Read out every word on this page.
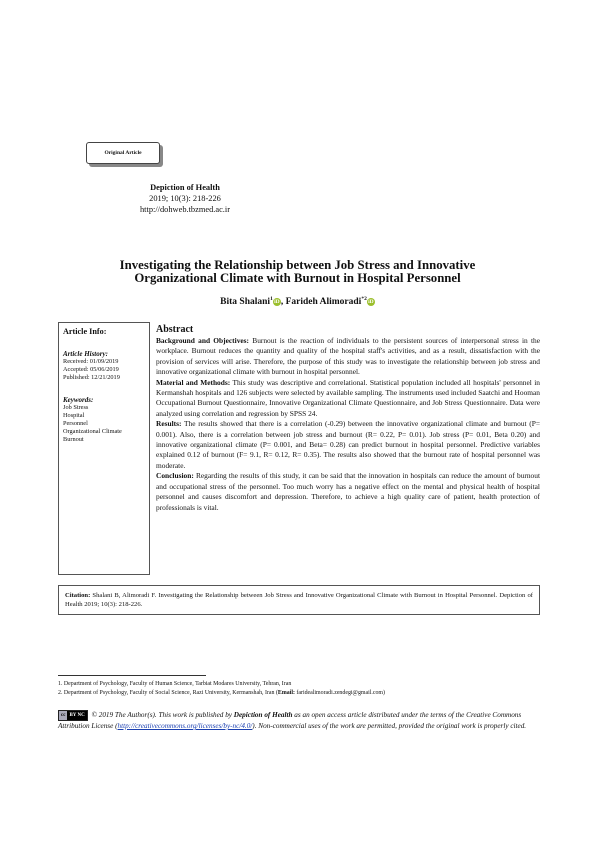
Original Article
Depiction of Health
2019; 10(3): 218-226
http://dohweb.tbzmed.ac.ir
Investigating the Relationship between Job Stress and Innovative
Organizational Climate with Burnout in Hospital Personnel
Bita Shalani$^1$iD, Farideh Alimoradi$^{*2}$iD
Article Info:
Article History:
Received: 01/09/2019
Accepted: 05/06/2019
Published: 12/21/2019
Keywords:
Job Stress
Hospital
Personnel
Organizational Climate
Burnout
Abstract

Background and Objectives: Burnout is the reaction of individuals to the persistent sources of interpersonal stress in the workplace. Burnout reduces the quantity and quality of the hospital staff's activities, and as a result, dissatisfaction with the provision of services will arise. Therefore, the purpose of this study was to investigate the relationship between job stress and innovative organizational climate with burnout in hospital personnel.

Material and Methods: This study was descriptive and correlational. Statistical population included all hospitals' personnel in Kermanshah hospitals and 126 subjects were selected by available sampling. The instruments used included Saatchi and Hooman Occupational Burnout Questionnaire, Innovative Organizational Climate Questionnaire, and Job Stress Questionnaire. Data were analyzed using correlation and regression by SPSS 24.

Results: The results showed that there is a correlation (-0.29) between the innovative organizational climate and burnout (P= 0.001). Also, there is a correlation between job stress and burnout (R= 0.22, P= 0.01). Job stress (P= 0.01, Beta 0.20) and innovative organizational climate (P= 0.001, and Beta= 0.28) can predict burnout in hospital personnel. Predictive variables explained 0.12 of burnout (F= 9.1, R= 0.12, R= 0.35). The results also showed that the burnout rate of hospital personnel was moderate.

Conclusion: Regarding the results of this study, it can be said that the innovation in hospitals can reduce the amount of burnout and occupational stress of the personnel. Too much worry has a negative effect on the mental and physical health of hospital personnel and causes discomfort and depression. Therefore, to achieve a high quality care of patient, health protection of professionals is vital.

Citation: Shalani B, Alimoradi F. Investigating the Relationship between Job Stress and Innovative Organizational Climate with Burnout in Hospital Personnel. Depiction of Health 2019; 10(3): 218-226.
1. Department of Psychology, Faculty of Human Science, Tarbiat Modares University, Tehran, Iran
2. Department of Psychology, Faculty of Social Science, Razi University, Kermanshah, Iran (Email: faridealimoradi.zendegi@gmail.com)
cc BY NC © 2019 The Author(s). This work is published by Depiction of Health as an open access article distributed under the terms of the Creative Commons Attribution License (http://creativecommons.org/licenses/by-nc/4.0/). Non-commercial uses of the work are permitted, provided the original work is properly cited.
